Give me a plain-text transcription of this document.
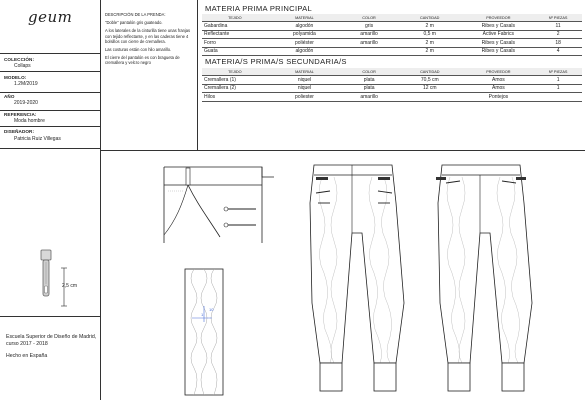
geum
COLECCIÓN:
Collaps
MODELO:
1.2M/2019
AÑO
2019-2020
REFERENCIA:
Moda hombre
DISEÑADOR:
Patricia Ruiz Villegas
2,5 cm
Escuela Superior de Diseño de Madrid,
curso 2017 - 2018
Hecho en España

DESCRIPCIÓN DE LA PRENDA:

"Doble" pantalón gris guateado.

A los laterales de la cinturilla tiene unas franjas con tejido reflectante, y en las caderas tiene 4 bolsillos con cierre de cremallera.

Las costuras están con hilo amarillo.

El cierre del pantalón es con bragueta de cremallera y velcro negro

MATERIA PRIMA PRINCIPAL
TEJIDO	MATERIAL	COLOR	CANTIDAD	PROVEEDOR	Nº PIEZAS
Gabardina	algodón	gris	2 m	Ribes y Casals	11
Reflectante	polyamida	amarillo	0,5 m	Active Fabrics	2
Forro	poliéster	amarillo	2 m	Ribes y Casals	18
Guata	algodón		2 m	Ribes y Casals	4
MATERIA/S PRIMA/S SECUNDARIA/S
TEJIDO	MATERIAL	COLOR	CANTIDAD	PROVEEDOR	Nº PIEZAS
Cremallera (1)	niquel	plata	70,5 cm	Amos	1
Cremallera (2)	niquel	plata	12 cm	Amos	1
Hilos	poliester	amarillo		Pontejos	
10
1
